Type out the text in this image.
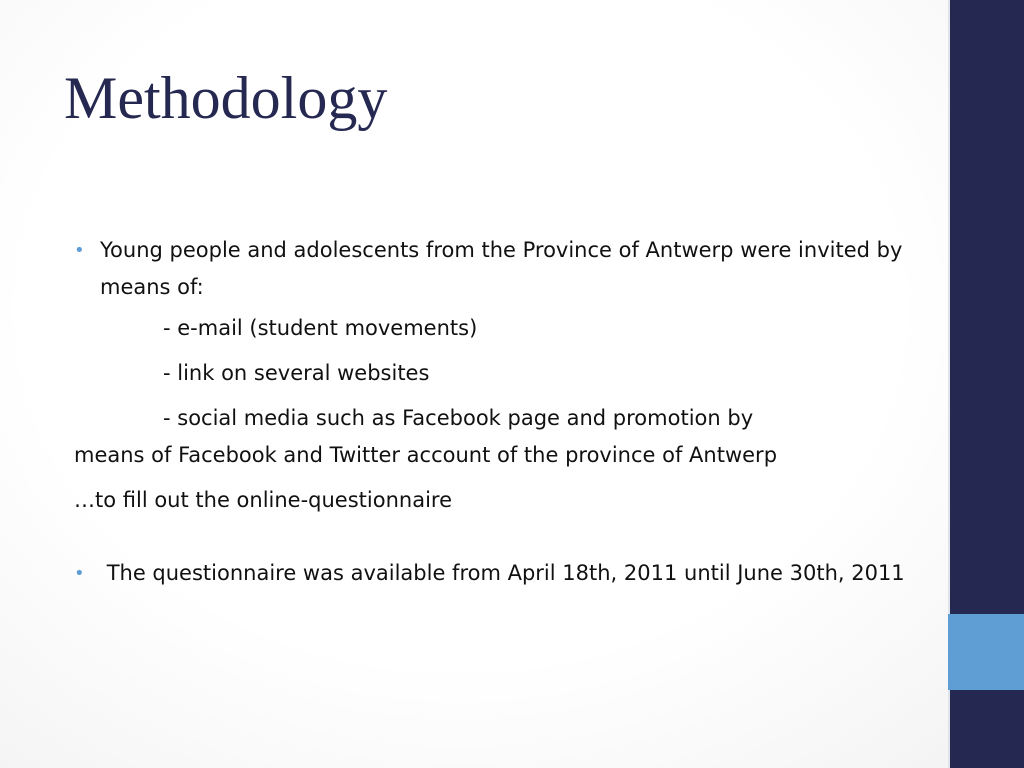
Methodology
• Young people and adolescents from the Province of Antwerp were invited by means of:
- e-mail (student movements)
- link on several websites
- social media such as Facebook page and promotion by
means of Facebook and Twitter account of the province of Antwerp
…to fill out the online-questionnaire
• The questionnaire was available from April 18th, 2011 until June 30th, 2011
